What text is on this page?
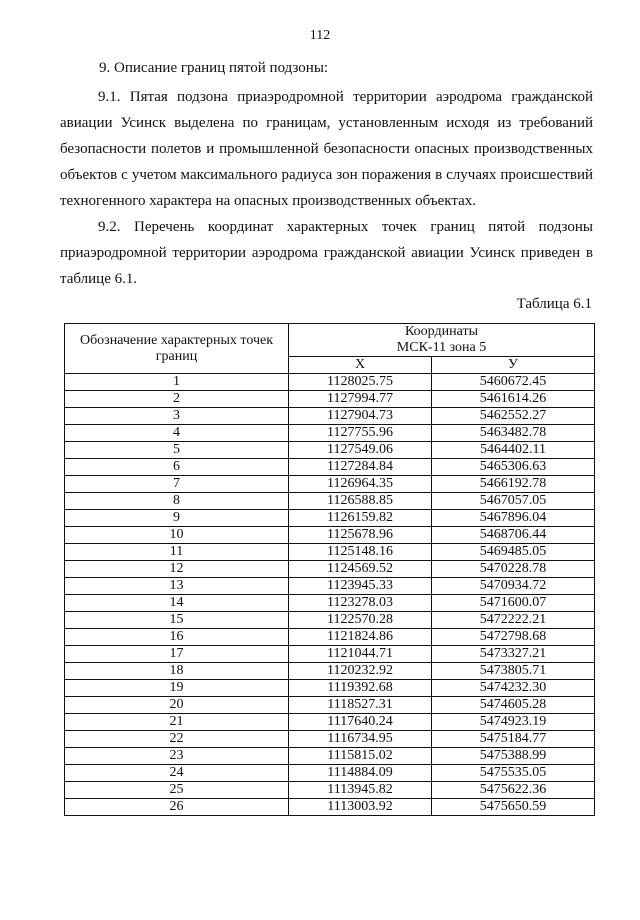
112
9. Описание границ пятой подзоны:

9.1. Пятая подзона приаэродромной территории аэродрома гражданской авиации Усинск выделена по границам, установленным исходя из требований безопасности полетов и промышленной безопасности опасных производственных объектов с учетом максимального радиуса зон поражения в случаях происшествий техногенного характера на опасных производственных объектах.

9.2. Перечень координат характерных точек границ пятой подзоны приаэродромной территории аэродрома гражданской авиации Усинск приведен в таблице 6.1.

Таблица 6.1
Обозначение характерных точек границ	Координаты
МСК-11 зона 5	

	X	У
1	1128025.75	5460672.45
2	1127994.77	5461614.26
3	1127904.73	5462552.27
4	1127755.96	5463482.78
5	1127549.06	5464402.11
6	1127284.84	5465306.63
7	1126964.35	5466192.78
8	1126588.85	5467057.05
9	1126159.82	5467896.04
10	1125678.96	5468706.44
11	1125148.16	5469485.05
12	1124569.52	5470228.78
13	1123945.33	5470934.72
14	1123278.03	5471600.07
15	1122570.28	5472222.21
16	1121824.86	5472798.68
17	1121044.71	5473327.21
18	1120232.92	5473805.71
19	1119392.68	5474232.30
20	1118527.31	5474605.28
21	1117640.24	5474923.19
22	1116734.95	5475184.77
23	1115815.02	5475388.99
24	1114884.09	5475535.05
25	1113945.82	5475622.36
26	1113003.92	5475650.59
